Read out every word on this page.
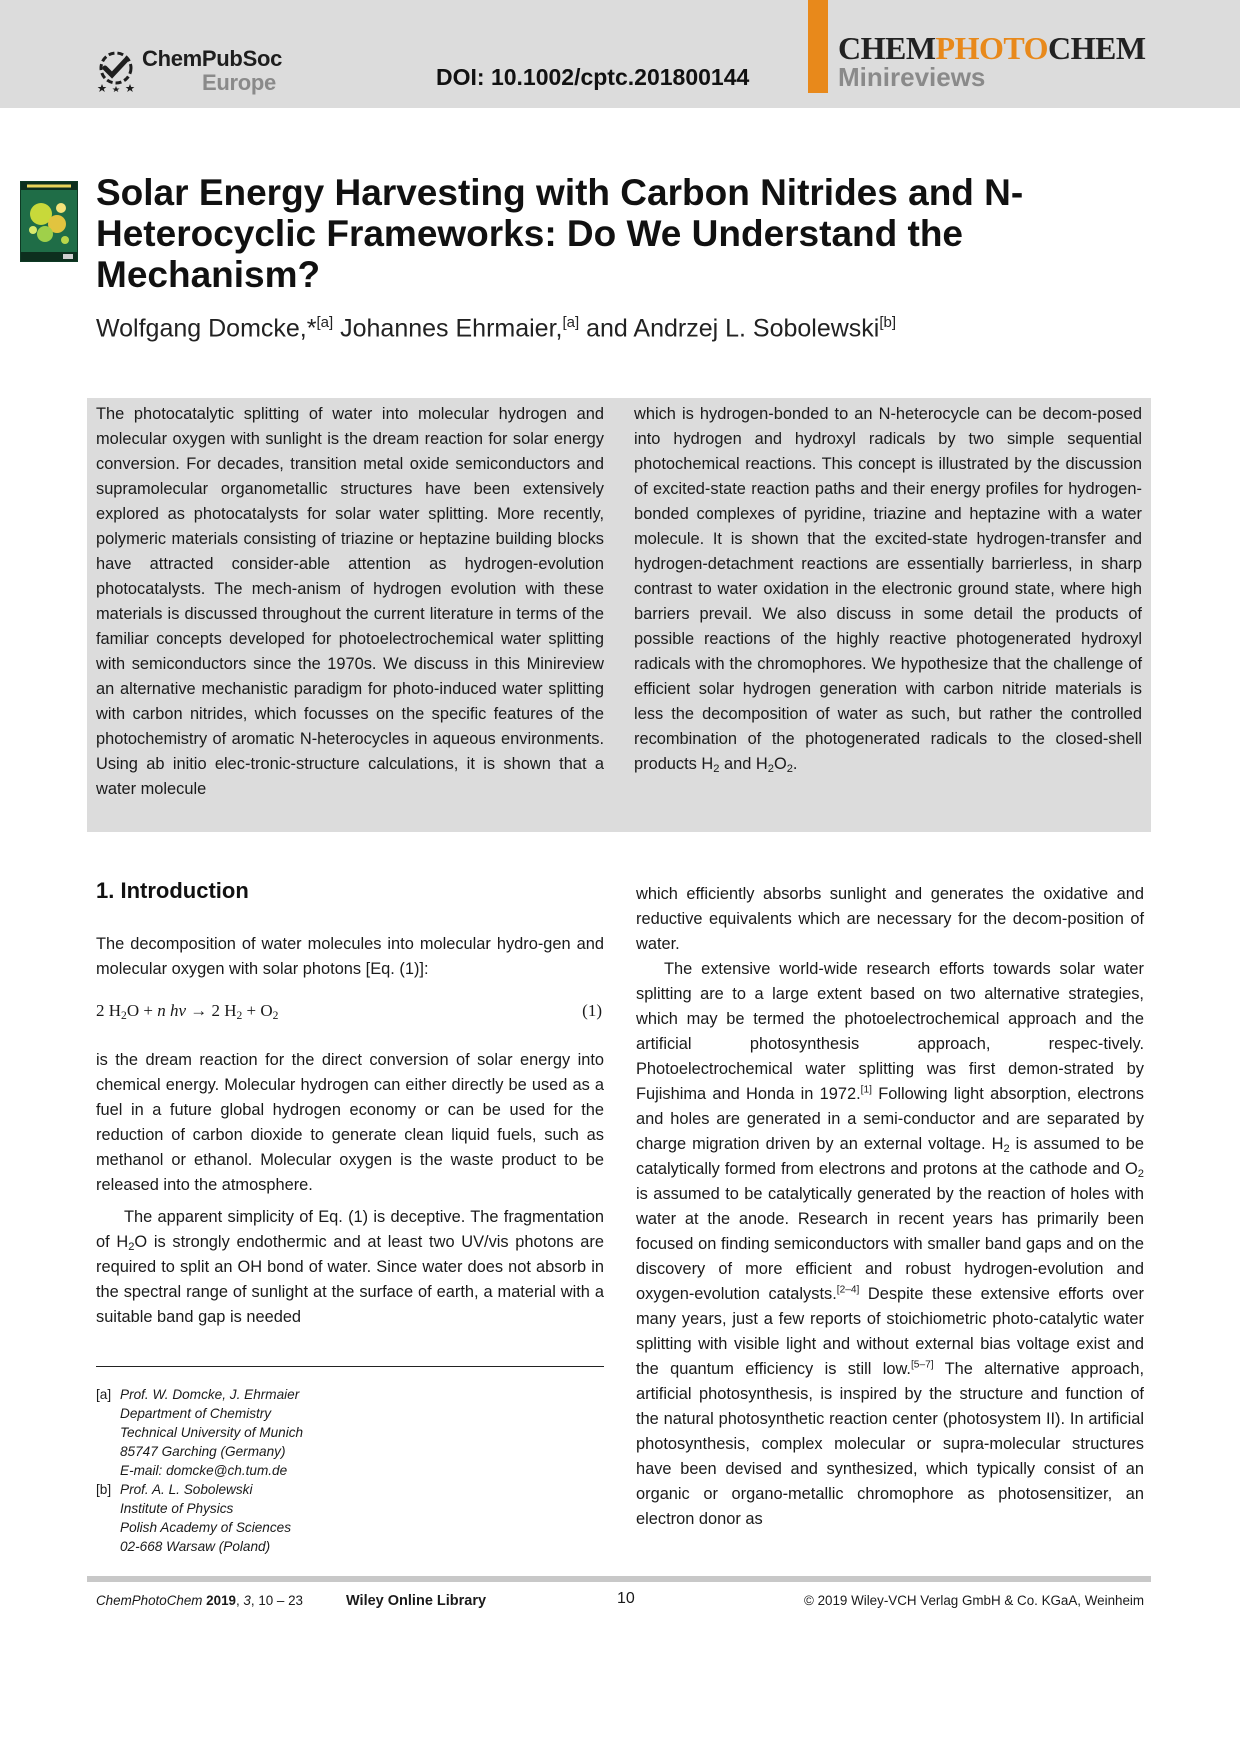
ChemPubSoc
Europe	DOI: 10.1002/cptc.201800144
CHEMPHOTOCHEM
Minireviews
Solar Energy Harvesting with Carbon Nitrides and N-Heterocyclic Frameworks: Do We Understand the Mechanism?
Wolfgang Domcke,*[a] Johannes Ehrmaier,[a] and Andrzej L. Sobolewski[b]

The photocatalytic splitting of water into molecular hydrogen and molecular oxygen with sunlight is the dream reaction for solar energy conversion. For decades, transition metal oxide semiconductors and supramolecular organometallic structures have been extensively explored as photocatalysts for solar water splitting. More recently, polymeric materials consisting of triazine or heptazine building blocks have attracted consider-able attention as hydrogen-evolution photocatalysts. The mech-anism of hydrogen evolution with these materials is discussed throughout the current literature in terms of the familiar concepts developed for photoelectrochemical water splitting with semiconductors since the 1970s. We discuss in this Minireview an alternative mechanistic paradigm for photo-induced water splitting with carbon nitrides, which focusses on the specific features of the photochemistry of aromatic N-heterocycles in aqueous environments. Using ab initio elec-tronic-structure calculations, it is shown that a water molecule

which is hydrogen-bonded to an N-heterocycle can be decom-posed into hydrogen and hydroxyl radicals by two simple sequential photochemical reactions. This concept is illustrated by the discussion of excited-state reaction paths and their energy profiles for hydrogen-bonded complexes of pyridine, triazine and heptazine with a water molecule. It is shown that the excited-state hydrogen-transfer and hydrogen-detachment reactions are essentially barrierless, in sharp contrast to water oxidation in the electronic ground state, where high barriers prevail. We also discuss in some detail the products of possible reactions of the highly reactive photogenerated hydroxyl radicals with the chromophores. We hypothesize that the challenge of efficient solar hydrogen generation with carbon nitride materials is less the decomposition of water as such, but rather the controlled recombination of the photogenerated radicals to the closed-shell products $H_2$ and $H_2O_2$.

1. Introduction

The decomposition of water molecules into molecular hydro-gen and molecular oxygen with solar photons [Eq. (1)]:

2 $H_2O + n$ hν → 2 $H_2 + O_2$	(1)

is the dream reaction for the direct conversion of solar energy into chemical energy. Molecular hydrogen can either directly be used as a fuel in a future global hydrogen economy or can be used for the reduction of carbon dioxide to generate clean liquid fuels, such as methanol or ethanol. Molecular oxygen is the waste product to be released into the atmosphere.

The apparent simplicity of Eq. (1) is deceptive. The fragmentation of $H_2O$ is strongly endothermic and at least two UV/vis photons are required to split an OH bond of water. Since water does not absorb in the spectral range of sunlight at the surface of earth, a material with a suitable band gap is needed

[a] Prof. W. Domcke, J. Ehrmaier
Department of Chemistry
Technical University of Munich
85747 Garching (Germany)
E-mail: domcke@ch.tum.de
[b] Prof. A. L. Sobolewski
Institute of Physics
Polish Academy of Sciences
02-668 Warsaw (Poland)

which efficiently absorbs sunlight and generates the oxidative and reductive equivalents which are necessary for the decom-position of water.

The extensive world-wide research efforts towards solar water splitting are to a large extent based on two alternative strategies, which may be termed the photoelectrochemical approach and the artificial photosynthesis approach, respec-tively. Photoelectrochemical water splitting was first demon-strated by Fujishima and Honda in 1972.[1] Following light absorption, electrons and holes are generated in a semi-conductor and are separated by charge migration driven by an external voltage. $H_2$ is assumed to be catalytically formed from electrons and protons at the cathode and $O_2$ is assumed to be catalytically generated by the reaction of holes with water at the anode. Research in recent years has primarily been focused on finding semiconductors with smaller band gaps and on the discovery of more efficient and robust hydrogen-evolution and oxygen-evolution catalysts.[2–4] Despite these extensive efforts over many years, just a few reports of stoichiometric photo-catalytic water splitting with visible light and without external bias voltage exist and the quantum efficiency is still low.[5–7] The alternative approach, artificial photosynthesis, is inspired by the structure and function of the natural photosynthetic reaction center (photosystem II). In artificial photosynthesis, complex molecular or supra-molecular structures have been devised and synthesized, which typically consist of an organic or organo-metallic chromophore as photosensitizer, an electron donor as

ChemPhotoChem 2019, 3, 10 – 23	Wiley Online Library	10	© 2019 Wiley-VCH Verlag GmbH & Co. KGaA, Weinheim
